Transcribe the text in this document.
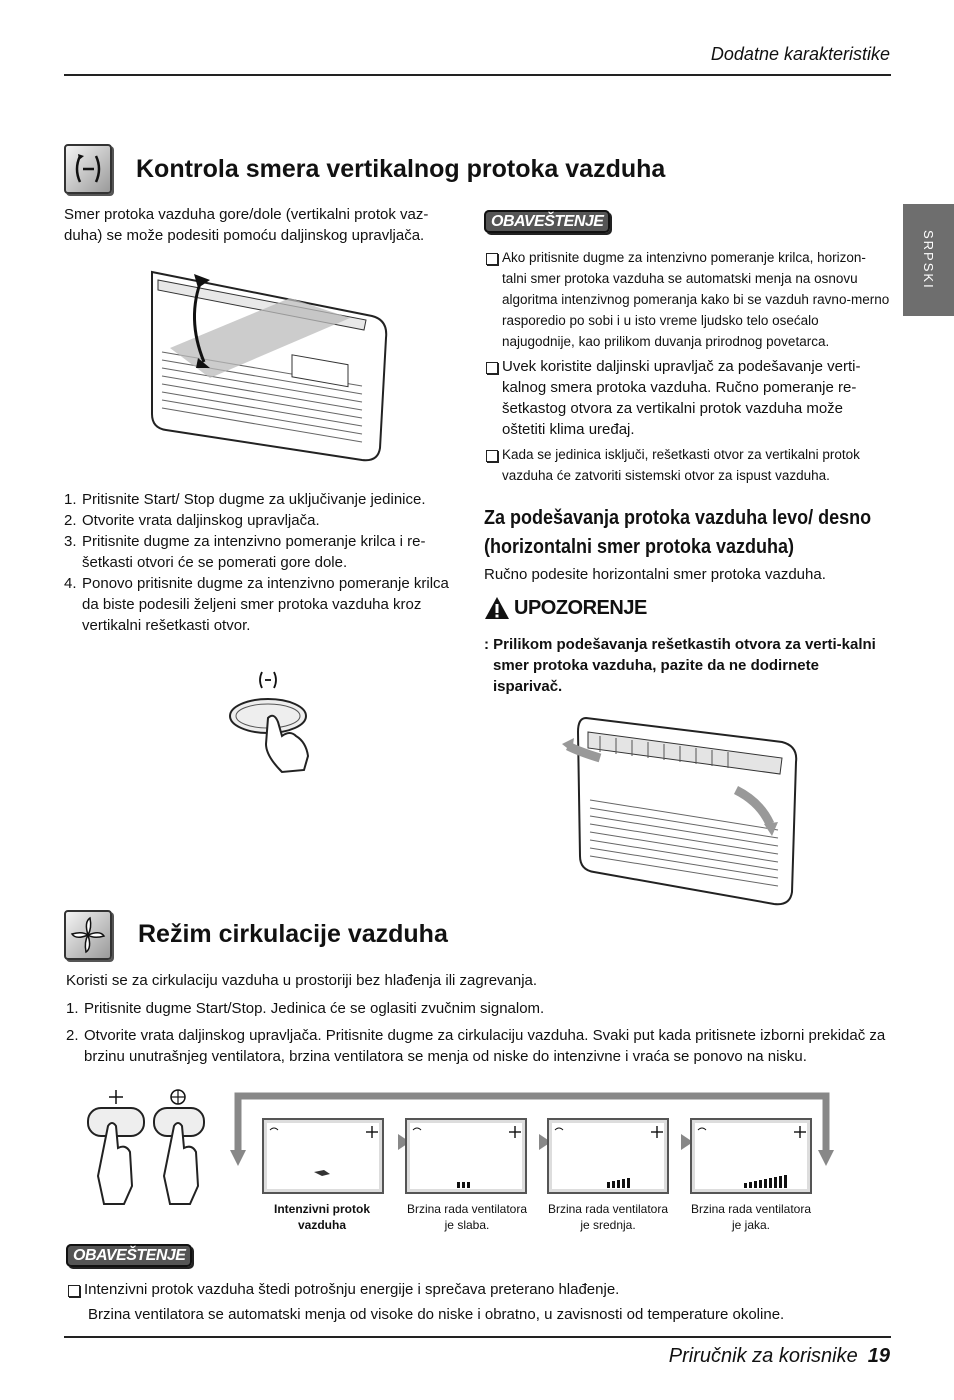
Dodatne karakteristike
SRPSKI
Kontrola smera vertikalnog protoka vazduha
Smer protoka vazduha gore/dole (vertikalni protok vaz-duha) se može podesiti pomoću daljinskog upravljača.
1. Pritisnite Start/ Stop dugme za uključivanje jedinice.
2. Otvorite vrata daljinskog upravljača.
3. Pritisnite dugme za intenzivno pomeranje krilca i re-šetkasti otvori će se pomerati gore dole.
4. Ponovo pritisnite dugme za intenzivno pomeranje krilca da biste podesili željeni smer protoka vazduha kroz vertikalni rešetkasti otvor.
OBAVEŠTENJE
Ako pritisnite dugme za intenzivno pomeranje krilca, horizon-talni smer protoka vazduha se automatski menja na osnovu algoritma intenzivnog pomeranja kako bi se vazduh ravno-merno rasporedio po sobi i u isto vreme ljudsko telo osećalo najugodnije, kao prilikom duvanja prirodnog povetarca.
Uvek koristite daljinski upravljač za podešavanje verti-kalnog smera protoka vazduha. Ručno pomeranje re-šetkastog otvora za vertikalni protok vazduha može oštetiti klima uređaj.
Kada se jedinica isključi, rešetkasti otvor za vertikalni protok vazduha će zatvoriti sistemski otvor za ispust vazduha.
Za podešavanja protoka vazduha levo/ desno (horizontalni smer protoka vazduha)
Ručno podesite horizontalni smer protoka vazduha.
UPOZORENJE
: Prilikom podešavanja rešetkastih otvora za verti-kalni smer protoka vazduha, pazite da ne dodirnete isparivač.
Režim cirkulacije vazduha
Koristi se za cirkulaciju vazduha u prostoriji bez hlađenja ili zagrevanja.
1. Pritisnite dugme Start/Stop. Jedinica će se oglasiti zvučnim signalom.
2. Otvorite vrata daljinskog upravljača. Pritisnite dugme za cirkulaciju vazduha. Svaki put kada pritisnete izborni prekidač za brzinu unutrašnjeg ventilatora, brzina ventilatora se menja od niske do intenzivne i vraća se ponovo na nisku.
Intenzivni protok vazduha
Brzina rada ventilatora je slaba.
Brzina rada ventilatora je srednja.
Brzina rada ventilatora je jaka.
OBAVEŠTENJE
Intenzivni protok vazduha štedi potrošnju energije i sprečava preterano hlađenje.
Brzina ventilatora se automatski menja od visoke do niske i obratno, u zavisnosti od temperature okoline.
Priručnik za korisnike 19
